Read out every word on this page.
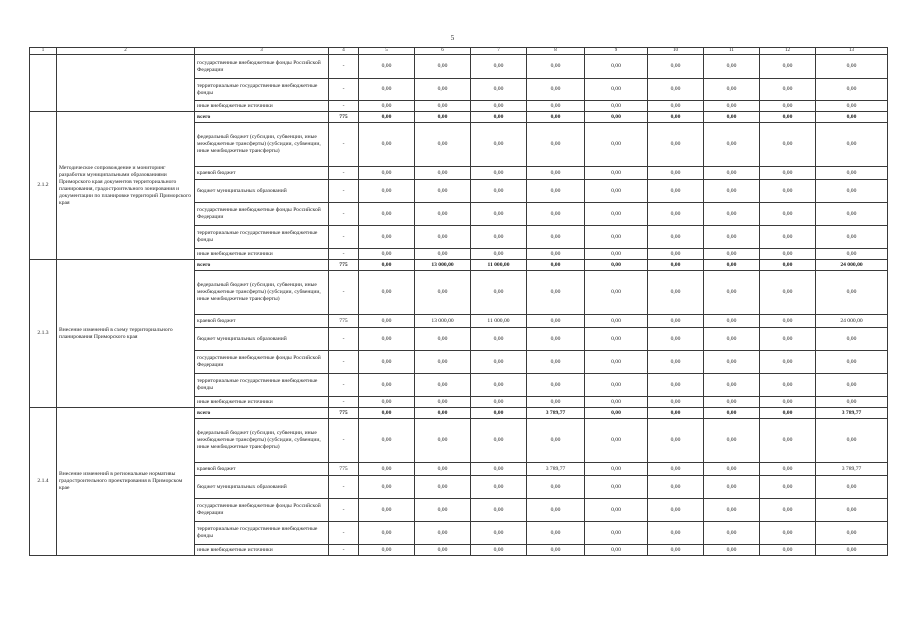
5
1	2	3	4	5	6	7	8	9	10	11	12	13
		государственные внебюджетные фонды Российской Федерации	-	0,00	0,00	0,00	0,00	0,00	0,00	0,00	0,00	0,00
		территориальные государственные внебюджетные фонды	-	0,00	0,00	0,00	0,00	0,00	0,00	0,00	0,00	0,00
		иные внебюджетные источники	-	0,00	0,00	0,00	0,00	0,00	0,00	0,00	0,00	0,00
2.1.2	Методическое сопровождение и мониторинг разработки муниципальными образованиями Приморского края документов территориального планирования, градостроительного зонирования и документации по планировке территорий Приморского края	всего	775	0,00	0,00	0,00	0,00	0,00	0,00	0,00	0,00	0,00
		федеральный бюджет (субсидии, субвенции, иные межбюджетные трансферты) (субсидии, субвенции, иные межбюджетные трансферты)	-	0,00	0,00	0,00	0,00	0,00	0,00	0,00	0,00	0,00
		краевой бюджет	-	0,00	0,00	0,00	0,00	0,00	0,00	0,00	0,00	0,00
		бюджет муниципальных образований	-	0,00	0,00	0,00	0,00	0,00	0,00	0,00	0,00	0,00
		государственные внебюджетные фонды Российской Федерации	-	0,00	0,00	0,00	0,00	0,00	0,00	0,00	0,00	0,00
		территориальные государственные внебюджетные фонды	-	0,00	0,00	0,00	0,00	0,00	0,00	0,00	0,00	0,00
		иные внебюджетные источники	-	0,00	0,00	0,00	0,00	0,00	0,00	0,00	0,00	0,00
2.1.3	Внесение изменений в схему территориального планирования Приморского края	всего	775	0,00	13 000,00	11 000,00	0,00	0,00	0,00	0,00	0,00	24 000,00
		федеральный бюджет (субсидии, субвенции, иные межбюджетные трансферты) (субсидии, субвенции, иные межбюджетные трансферты)	-	0,00	0,00	0,00	0,00	0,00	0,00	0,00	0,00	0,00
		краевой бюджет	775	0,00	13 000,00	11 000,00	0,00	0,00	0,00	0,00	0,00	24 000,00
		бюджет муниципальных образований	-	0,00	0,00	0,00	0,00	0,00	0,00	0,00	0,00	0,00
		государственные внебюджетные фонды Российской Федерации	-	0,00	0,00	0,00	0,00	0,00	0,00	0,00	0,00	0,00
		территориальные государственные внебюджетные фонды	-	0,00	0,00	0,00	0,00	0,00	0,00	0,00	0,00	0,00
		иные внебюджетные источники	-	0,00	0,00	0,00	0,00	0,00	0,00	0,00	0,00	0,00
2.1.4	Внесение изменений в региональные нормативы градостроительного проектирования в Приморском крае	всего	775	0,00	0,00	0,00	3 789,77	0,00	0,00	0,00	0,00	3 789,77
		федеральный бюджет (субсидии, субвенции, иные межбюджетные трансферты) (субсидии, субвенции, иные межбюджетные трансферты)	-	0,00	0,00	0,00	0,00	0,00	0,00	0,00	0,00	0,00
		краевой бюджет	775	0,00	0,00	0,00	3 789,77	0,00	0,00	0,00	0,00	3 789,77
		бюджет муниципальных образований	-	0,00	0,00	0,00	0,00	0,00	0,00	0,00	0,00	0,00
		государственные внебюджетные фонды Российской Федерации	-	0,00	0,00	0,00	0,00	0,00	0,00	0,00	0,00	0,00
		территориальные государственные внебюджетные фонды	-	0,00	0,00	0,00	0,00	0,00	0,00	0,00	0,00	0,00
		иные внебюджетные источники	-	0,00	0,00	0,00	0,00	0,00	0,00	0,00	0,00	0,00
